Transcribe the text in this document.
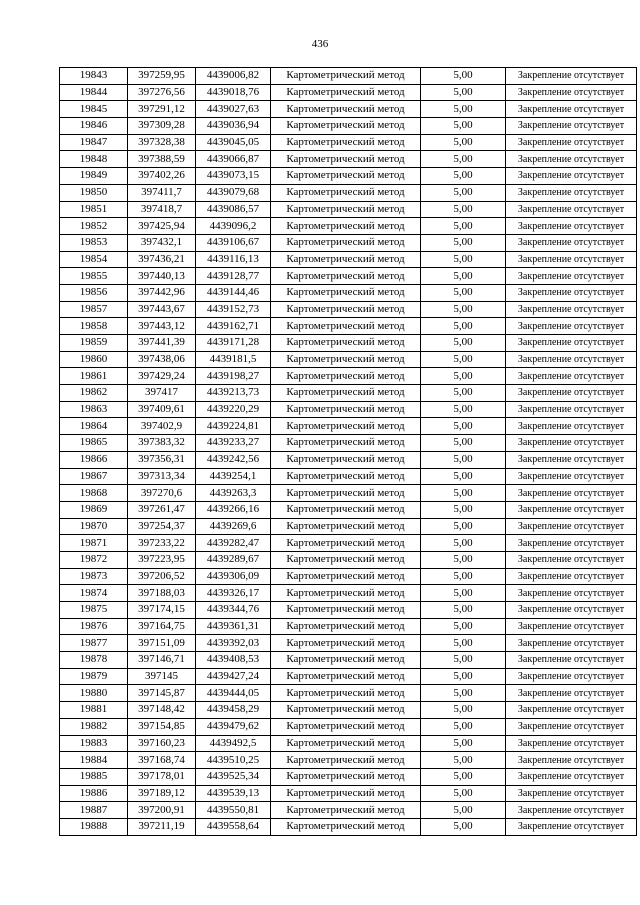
436
19843	397259,95	4439006,82	Картометрический метод	5,00	Закрепление отсутствует
19844	397276,56	4439018,76	Картометрический метод	5,00	Закрепление отсутствует
19845	397291,12	4439027,63	Картометрический метод	5,00	Закрепление отсутствует
19846	397309,28	4439036,94	Картометрический метод	5,00	Закрепление отсутствует
19847	397328,38	4439045,05	Картометрический метод	5,00	Закрепление отсутствует
19848	397388,59	4439066,87	Картометрический метод	5,00	Закрепление отсутствует
19849	397402,26	4439073,15	Картометрический метод	5,00	Закрепление отсутствует
19850	397411,7	4439079,68	Картометрический метод	5,00	Закрепление отсутствует
19851	397418,7	4439086,57	Картометрический метод	5,00	Закрепление отсутствует
19852	397425,94	4439096,2	Картометрический метод	5,00	Закрепление отсутствует
19853	397432,1	4439106,67	Картометрический метод	5,00	Закрепление отсутствует
19854	397436,21	4439116,13	Картометрический метод	5,00	Закрепление отсутствует
19855	397440,13	4439128,77	Картометрический метод	5,00	Закрепление отсутствует
19856	397442,96	4439144,46	Картометрический метод	5,00	Закрепление отсутствует
19857	397443,67	4439152,73	Картометрический метод	5,00	Закрепление отсутствует
19858	397443,12	4439162,71	Картометрический метод	5,00	Закрепление отсутствует
19859	397441,39	4439171,28	Картометрический метод	5,00	Закрепление отсутствует
19860	397438,06	4439181,5	Картометрический метод	5,00	Закрепление отсутствует
19861	397429,24	4439198,27	Картометрический метод	5,00	Закрепление отсутствует
19862	397417	4439213,73	Картометрический метод	5,00	Закрепление отсутствует
19863	397409,61	4439220,29	Картометрический метод	5,00	Закрепление отсутствует
19864	397402,9	4439224,81	Картометрический метод	5,00	Закрепление отсутствует
19865	397383,32	4439233,27	Картометрический метод	5,00	Закрепление отсутствует
19866	397356,31	4439242,56	Картометрический метод	5,00	Закрепление отсутствует
19867	397313,34	4439254,1	Картометрический метод	5,00	Закрепление отсутствует
19868	397270,6	4439263,3	Картометрический метод	5,00	Закрепление отсутствует
19869	397261,47	4439266,16	Картометрический метод	5,00	Закрепление отсутствует
19870	397254,37	4439269,6	Картометрический метод	5,00	Закрепление отсутствует
19871	397233,22	4439282,47	Картометрический метод	5,00	Закрепление отсутствует
19872	397223,95	4439289,67	Картометрический метод	5,00	Закрепление отсутствует
19873	397206,52	4439306,09	Картометрический метод	5,00	Закрепление отсутствует
19874	397188,03	4439326,17	Картометрический метод	5,00	Закрепление отсутствует
19875	397174,15	4439344,76	Картометрический метод	5,00	Закрепление отсутствует
19876	397164,75	4439361,31	Картометрический метод	5,00	Закрепление отсутствует
19877	397151,09	4439392,03	Картометрический метод	5,00	Закрепление отсутствует
19878	397146,71	4439408,53	Картометрический метод	5,00	Закрепление отсутствует
19879	397145	4439427,24	Картометрический метод	5,00	Закрепление отсутствует
19880	397145,87	4439444,05	Картометрический метод	5,00	Закрепление отсутствует
19881	397148,42	4439458,29	Картометрический метод	5,00	Закрепление отсутствует
19882	397154,85	4439479,62	Картометрический метод	5,00	Закрепление отсутствует
19883	397160,23	4439492,5	Картометрический метод	5,00	Закрепление отсутствует
19884	397168,74	4439510,25	Картометрический метод	5,00	Закрепление отсутствует
19885	397178,01	4439525,34	Картометрический метод	5,00	Закрепление отсутствует
19886	397189,12	4439539,13	Картометрический метод	5,00	Закрепление отсутствует
19887	397200,91	4439550,81	Картометрический метод	5,00	Закрепление отсутствует
19888	397211,19	4439558,64	Картометрический метод	5,00	Закрепление отсутствует
